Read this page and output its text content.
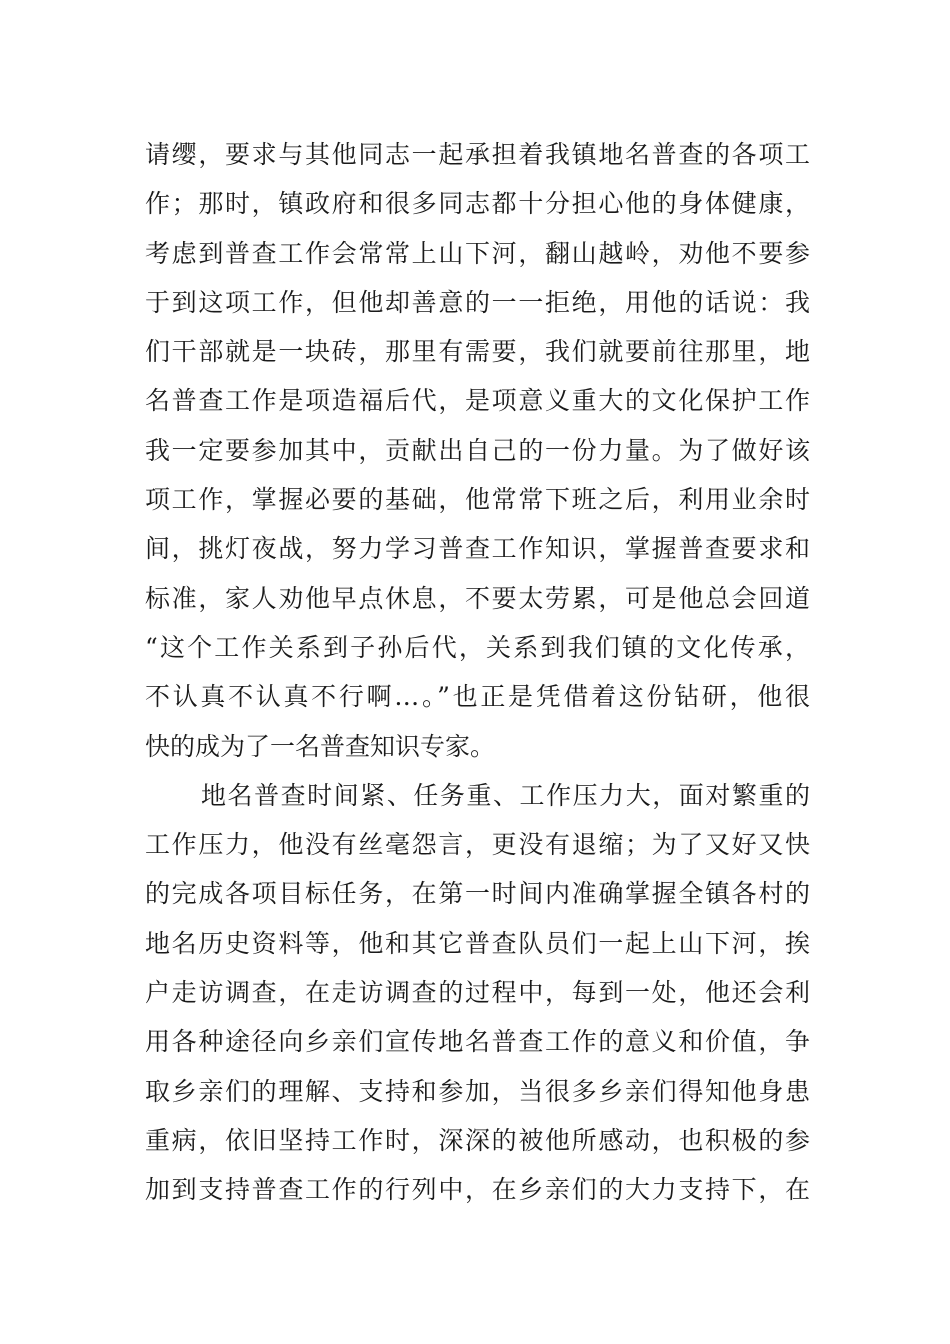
请缨，要求与其他同志一起承担着我镇地名普查的各项工
作；那时，镇政府和很多同志都十分担心他的身体健康，
考虑到普查工作会常常上山下河，翻山越岭，劝他不要参
于到这项工作，但他却善意的一一拒绝，用他的话说：我
们干部就是一块砖，那里有需要，我们就要前往那里，地
名普查工作是项造福后代，是项意义重大的文化保护工作
我一定要参加其中，贡献出自己的一份力量。为了做好该
项工作，掌握必要的基础，他常常下班之后，利用业余时
间，挑灯夜战，努力学习普查工作知识，掌握普查要求和
标准，家人劝他早点休息，不要太劳累，可是他总会回道
“这个工作关系到子孙后代，关系到我们镇的文化传承，
不认真不认真不行啊…。”也正是凭借着这份钻研，他很
快的成为了一名普查知识专家。
地名普查时间紧、任务重、工作压力大，面对繁重的
工作压力，他没有丝毫怨言，更没有退缩；为了又好又快
的完成各项目标任务，在第一时间内准确掌握全镇各村的
地名历史资料等，他和其它普查队员们一起上山下河，挨
户走访调查，在走访调查的过程中，每到一处，他还会利
用各种途径向乡亲们宣传地名普查工作的意义和价值，争
取乡亲们的理解、支持和参加，当很多乡亲们得知他身患
重病，依旧坚持工作时，深深的被他所感动，也积极的参
加到支持普查工作的行列中，在乡亲们的大力支持下，在
